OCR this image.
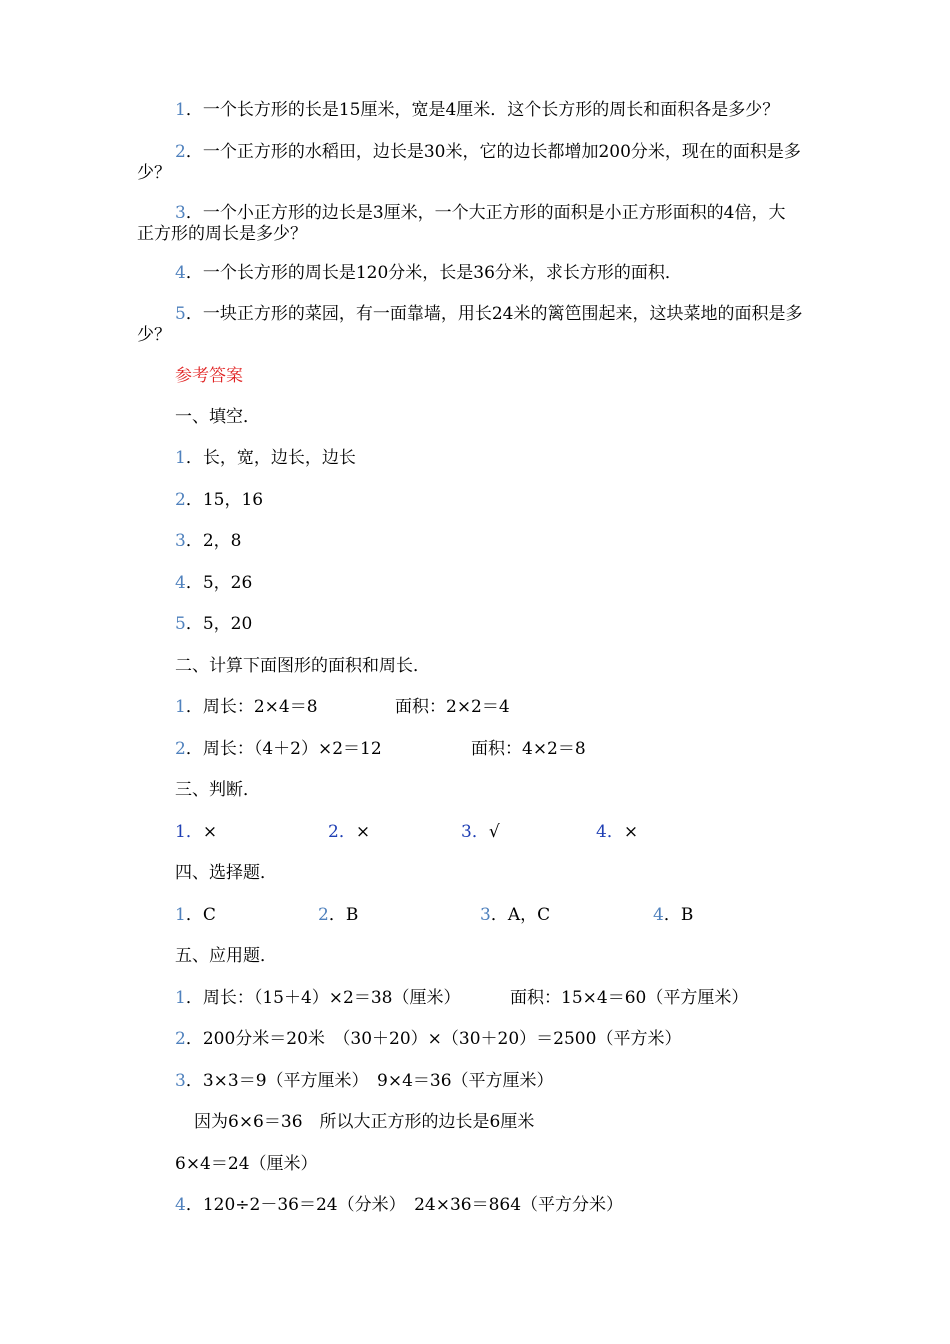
1．一个长方形的长是15厘米，宽是4厘米．这个长方形的周长和面积各是多少？
2．一个正方形的水稻田，边长是30米，它的边长都增加200分米，现在的面积是多
少？
3．一个小正方形的边长是3厘米，一个大正方形的面积是小正方形面积的4倍，大
正方形的周长是多少？
4．一个长方形的周长是120分米，长是36分米，求长方形的面积．
5．一块正方形的菜园，有一面靠墙，用长24米的篱笆围起来，这块菜地的面积是多
少？
参考答案
一、填空．
1．长，宽，边长，边长
2．15，16
3．2，8
4．5，26
5．5，20
二、计算下面图形的面积和周长．
1．周长：2×4＝8	面积：2×2＝4
2．周长：（4＋2）×2＝12	面积：4×2＝8
三、判断．
1．×	2．×	3．√	4．×
四、选择题．
1．C	2．B	3．A，C	4．B
五、应用题．
1．周长：（15＋4）×2＝38（厘米）	面积：15×4＝60（平方厘米）
2．200分米＝20米　（30＋20）×（30＋20）＝2500（平方米）
3．3×3＝9（平方厘米）　9×4＝36（平方厘米）
因为6×6＝36　所以大正方形的边长是6厘米
6×4＝24（厘米）
4．120÷2－36＝24（分米）　24×36＝864（平方分米）
